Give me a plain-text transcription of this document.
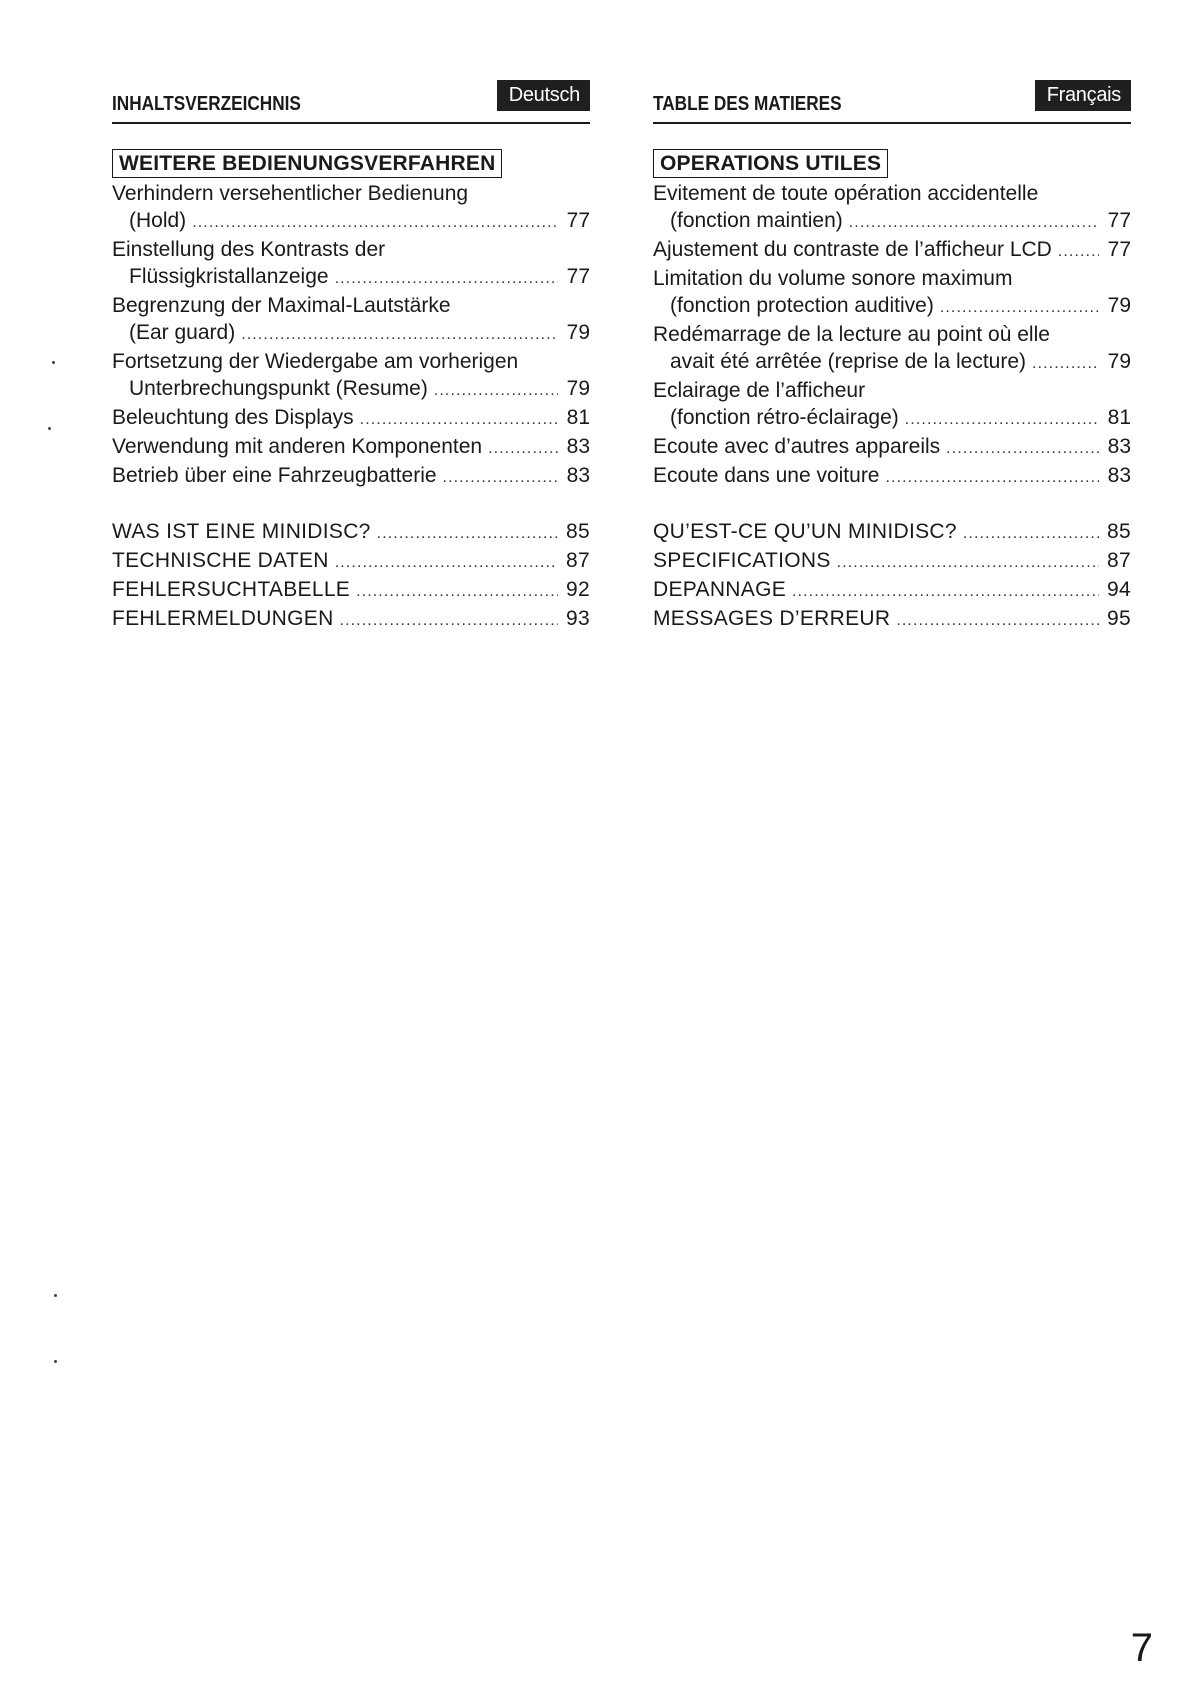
INHALTSVERZEICHNIS	Deutsch
WEITERE BEDIENUNGSVERFAHREN
Verhindern versehentlicher Bedienung
(Hold) .....	77
Einstellung des Kontrasts der
Flüssigkristallanzeige .....	77
Begrenzung der Maximal-Lautstärke
(Ear guard) .....	79
Fortsetzung der Wiedergabe am vorherigen
Unterbrechungspunkt (Resume) .....	79
Beleuchtung des Displays .....	81
Verwendung mit anderen Komponenten .....	83
Betrieb über eine Fahrzeugbatterie .....	83
WAS IST EINE MINIDISC? .....	85
TECHNISCHE DATEN .....	87
FEHLERSUCHTABELLE .....	92
FEHLERMELDUNGEN .....	93
TABLE DES MATIERES	Français
OPERATIONS UTILES
Evitement de toute opération accidentelle
(fonction maintien) .....	77
Ajustement du contraste de l’afficheur LCD .....	77
Limitation du volume sonore maximum
(fonction protection auditive) .....	79
Redémarrage de la lecture au point où elle
avait été arrêtée (reprise de la lecture) .....	79
Eclairage de l’afficheur
(fonction rétro-éclairage) .....	81
Ecoute avec d’autres appareils .....	83
Ecoute dans une voiture .....	83
QU’EST-CE QU’UN MINIDISC? .....	85
SPECIFICATIONS .....	87
DEPANNAGE .....	94
MESSAGES D’ERREUR .....	95
7
